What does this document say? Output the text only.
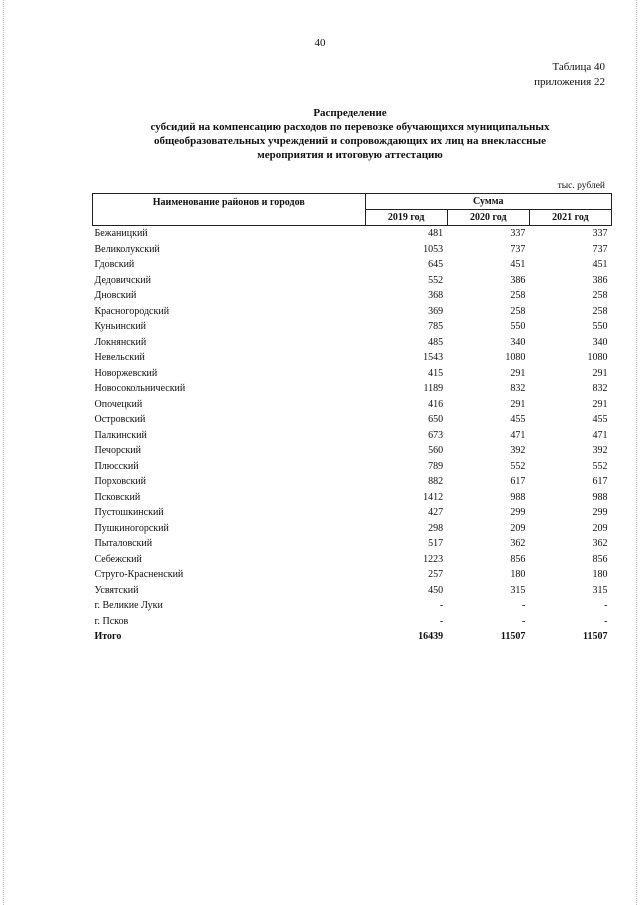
40
Таблица 40
приложения 22
Распределение
субсидий на компенсацию расходов по перевозке обучающихся муниципальных
общеобразовательных учреждений и сопровождающих их лиц на внеклассные
мероприятия и итоговую аттестацию
тыс. рублей
Наименование районов и городов	Сумма		
	2019 год	2020 год	2021 год
Бежаницкий	481	337	337
Великолукский	1053	737	737
Гдовский	645	451	451
Дедовичский	552	386	386
Дновский	368	258	258
Красногородский	369	258	258
Куньинский	785	550	550
Локнянский	485	340	340
Невельский	1543	1080	1080
Новоржевский	415	291	291
Новосокольнический	1189	832	832
Опочецкий	416	291	291
Островский	650	455	455
Палкинский	673	471	471
Печорский	560	392	392
Плюсский	789	552	552
Порховский	882	617	617
Псковский	1412	988	988
Пустошкинский	427	299	299
Пушкиногорский	298	209	209
Пыталовский	517	362	362
Себежский	1223	856	856
Струго-Красненский	257	180	180
Усвятский	450	315	315
г. Великие Луки	-	-	-
г. Псков	-	-	-
Итого	16439	11507	11507
